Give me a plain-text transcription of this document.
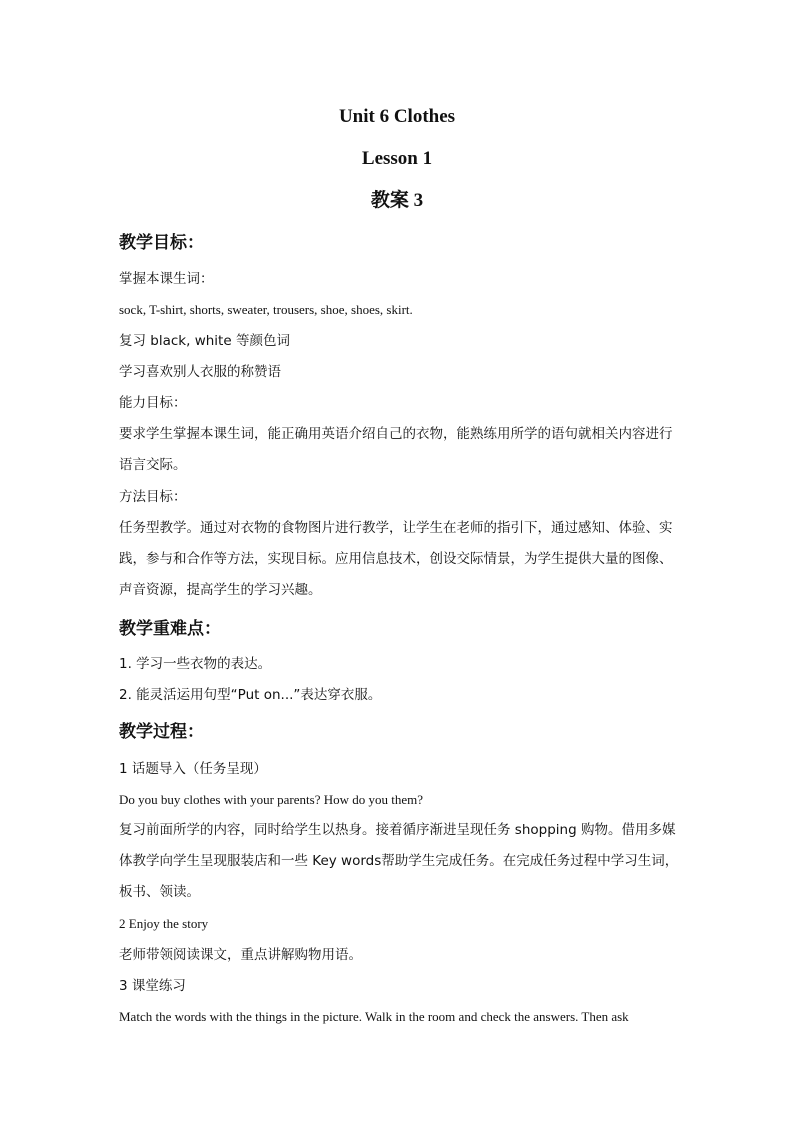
Unit 6 Clothes
Lesson 1
教案 3
教学目标：
掌握本课生词：
sock, T-shirt, shorts, sweater, trousers, shoe, shoes, skirt.
复习 black, white 等颜色词
学习喜欢别人衣服的称赞语
能力目标：
要求学生掌握本课生词，能正确用英语介绍自己的衣物，能熟练用所学的语句就相关内容进行语言交际。
方法目标：
任务型教学。通过对衣物的食物图片进行教学，让学生在老师的指引下，通过感知、体验、实践，参与和合作等方法，实现目标。应用信息技术，创设交际情景，为学生提供大量的图像、声音资源，提高学生的学习兴趣。
教学重难点：
1. 学习一些衣物的表达。
2. 能灵活运用句型“Put on...”表达穿衣服。
教学过程：
1 话题导入（任务呈现）
Do you buy clothes with your parents? How do you them?
复习前面所学的内容，同时给学生以热身。接着循序渐进呈现任务 shopping 购物。借用多媒体教学向学生呈现服装店和一些 Key words帮助学生完成任务。在完成任务过程中学习生词，板书、领读。
2 Enjoy the story
老师带领阅读课文，重点讲解购物用语。
3 课堂练习
Match the words with the things in the picture. Walk in the room and check the answers. Then ask
